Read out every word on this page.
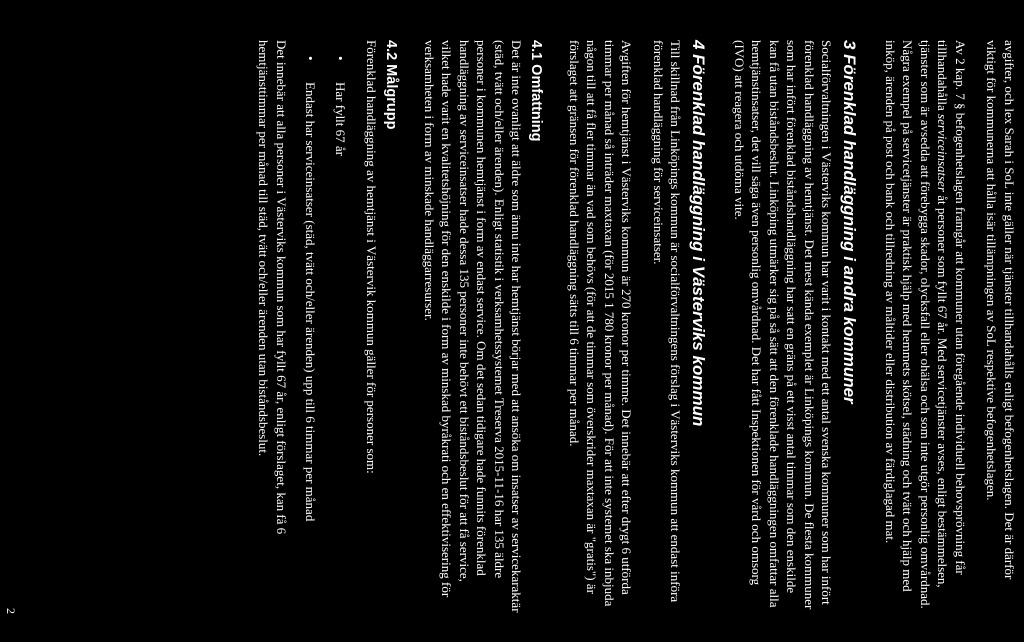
avgifter, och lex Sarah i SoL inte gäller när tjänster tillhandahålls enligt befogenhetslagen. Det är därför viktigt för kommunerna att hålla isär tillämpningen av SoL respektive befogenhetslagen.

Av 2 kap. 7 § befogenhetslagen framgår att kommuner utan föregående individuell behovsprövning får tillhandahålla serviceinsatser åt personer som fyllt 67 år. Med servicetjänster avses, enligt bestämmelsen, tjänster som är avsedda att förebygga skador, olycksfall eller ohälsa och som inte utgör personlig omvårdnad. Några exempel på servicetjänster är praktisk hjälp med hemmets skötsel, städning och tvätt och hjälp med inköp, ärenden på post och bank och tillredning av måltider eller distribution av färdiglagad mat.

3 Förenklad handläggning i andra kommuner

Socialförvaltningen i Västerviks kommun har varit i kontakt med ett antal svenska kommuner som har infört förenklad handläggning av hemtjänst. Det mest kända exemplet är Linköpings kommun. De flesta kommuner som har infört förenklad biståndshandläggning har satt en gräns på ett visst antal timmar som den enskilde kan få utan biståndsbeslut. Linköping utmärker sig på så sätt att den förenklade handläggningen omfattar alla hemtjänstinsatser, det vill säga även personlig omvårdnad. Det har fått Inspektionen för vård och omsorg (IVO) att reagera och utdöma vite.

4 Förenklad handläggning i Västerviks kommun

Till skillnad från Linköpings kommun är socialförvaltningens förslag i Västerviks kommun att endast införa förenklad handläggning för serviceinsatser.

Avgiften för hemtjänst i Västerviks kommun är 270 kronor per timme. Det innebär att efter drygt 6 utförda timmar per månad så inträder maxtaxan (för 2015 1 780 kronor per månad). För att inte systemet ska inbjuda någon till att få fler timmar än vad som behövs (för att de timmar som överskrider maxtaxan är "gratis") är förslaget att gränsen för förenklad handläggning sätts till 6 timmar per månad.

4.1 Omfattning

Det är inte ovanligt att äldre som ännu inte har hemtjänst börjar med att ansöka om insatser av servicekaraktär (städ, tvätt och/eller ärenden). Enligt statistik i verksamhetssystemet Treserva 2015-11-16 har 135 äldre personer i kommunen hemtjänst i form av endast service. Om det sedan tidigare hade funnits förenklad handläggning av serviceinsatser hade dessa 135 personer inte behövt ett biståndsbeslut för att få service, vilket hade varit en kvalitetshöjning för den enskilde i form av minskad byråkrati och en effektivisering för verksamheten i form av minskade handläggarresurser.

4.2 Målgrupp

Förenklad handläggning av hemtjänst i Västervik kommun gäller för personer som:

• Har fyllt 67 år
• Endast har serviceinsatser (städ, tvätt och/eller ärenden) upp till 6 timmar per månad

Det innebär att alla personer i Västerviks kommun som har fyllt 67 år, enligt förslaget, kan få 6 hemtjänsttimmar per månad till städ, tvätt och/eller ärenden utan biståndsbeslut.

2
